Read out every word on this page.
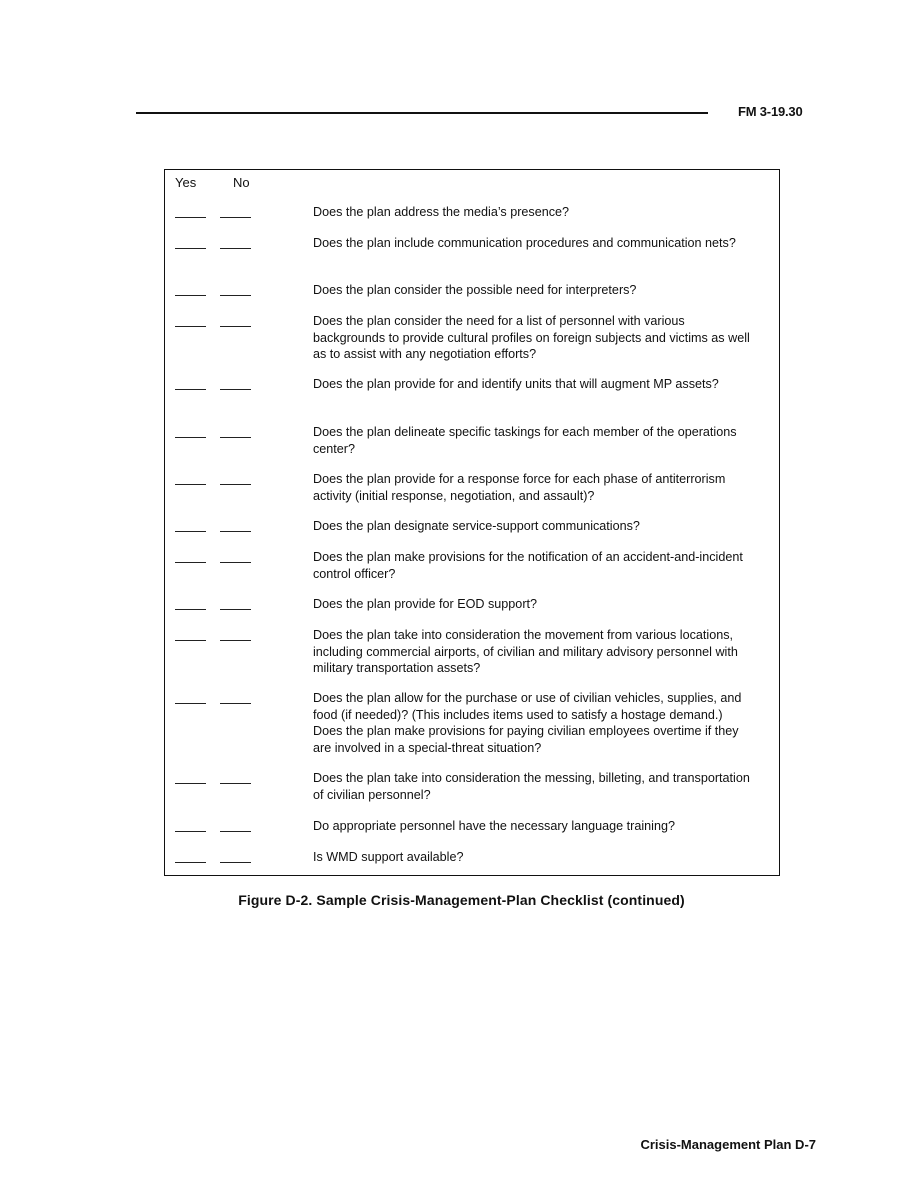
FM 3-19.30
Yes	No
Does the plan address the media’s presence?
Does the plan include communication procedures and communication nets?
Does the plan consider the possible need for interpreters?
Does the plan consider the need for a list of personnel with various backgrounds to provide cultural profiles on foreign subjects and victims as well as to assist with any negotiation efforts?
Does the plan provide for and identify units that will augment MP assets?
Does the plan delineate specific taskings for each member of the operations center?
Does the plan provide for a response force for each phase of antiterrorism activity (initial response, negotiation, and assault)?
Does the plan designate service-support communications?
Does the plan make provisions for the notification of an accident-and-incident control officer?
Does the plan provide for EOD support?
Does the plan take into consideration the movement from various locations, including commercial airports, of civilian and military advisory personnel with military transportation assets?
Does the plan allow for the purchase or use of civilian vehicles, supplies, and food (if needed)? (This includes items used to satisfy a hostage demand.) Does the plan make provisions for paying civilian employees overtime if they are involved in a special-threat situation?
Does the plan take into consideration the messing, billeting, and transportation of civilian personnel?
Do appropriate personnel have the necessary language training?
Is WMD support available?
Figure D-2. Sample Crisis-Management-Plan Checklist (continued)
Crisis-Management Plan D-7
